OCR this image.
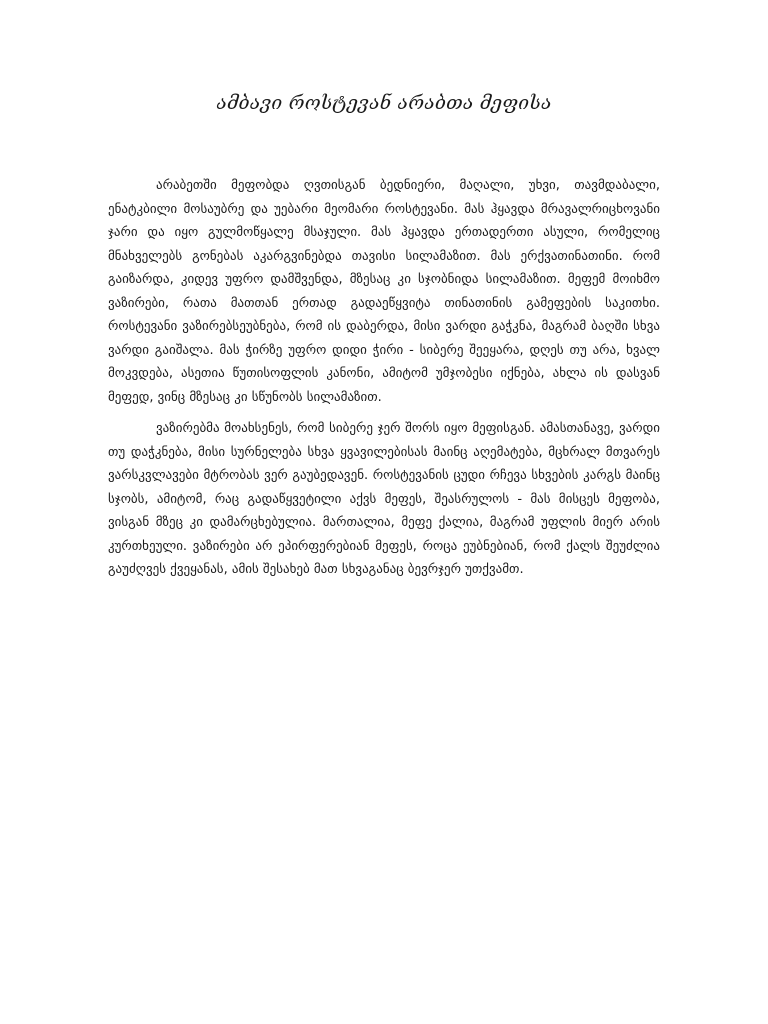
ამბავი როსტევან არაბთა მეფისა

არაბეთში მეფობდა ღვთისგან ბედნიერი, მაღალი, უხვი, თავმდაბალი, ენატკბილი მოსაუბრე და უებარი მეომარი როსტევანი. მას ჰყავდა მრავალრიცხოვანი ჯარი და იყო გულმოწყალე მსაჯული. მას ჰყავდა ერთადერთი ასული, რომელიც მნახველებს გონებას აკარგვინებდა თავისი სილამაზით. მას ერქვათინათინი. რომ გაიზარდა, კიდევ უფრო დამშვენდა, მზესაც კი სჯობნიდა სილამაზით. მეფემ მოიხმო ვაზირები, რათა მათთან ერთად გადაეწყვიტა თინათინის გამეფების საკითხი. როსტევანი ვაზირებსეუბნება, რომ ის დაბერდა, მისი ვარდი გაჭკნა, მაგრამ ბაღში სხვა ვარდი გაიშალა. მას ჭირზე უფრო დიდი ჭირი - სიბერე შეეყარა, დღეს თუ არა, ხვალ მოკვდება, ასეთია წუთისოფლის კანონი, ამიტომ უმჯობესი იქნება, ახლა ის დასვან მეფედ, ვინც მზესაც კი სწუნობს სილამაზით.

ვაზირებმა მოახსენეს, რომ სიბერე ჯერ შორს იყო მეფისგან. ამასთანავე, ვარდი თუ დაჭკნება, მისი სურნელება სხვა ყვავილებისას მაინც აღემატება, მცხრალ მთვარეს ვარსკვლავები მტრობას ვერ გაუბედავენ. როსტევანის ცუდი რჩევა სხვების კარგს მაინც სჯობს, ამიტომ, რაც გადაწყვეტილი აქვს მეფეს, შეასრულოს - მას მისცეს მეფობა, ვისგან მზეც კი დამარცხებულია. მართალია, მეფე ქალია, მაგრამ უფლის მიერ არის კურთხეული. ვაზირები არ ეპირფერებიან მეფეს, როცა ეუბნებიან, რომ ქალს შეუძლია გაუძღვეს ქვეყანას, ამის შესახებ მათ სხვაგანაც ბევრჯერ უთქვამთ.
